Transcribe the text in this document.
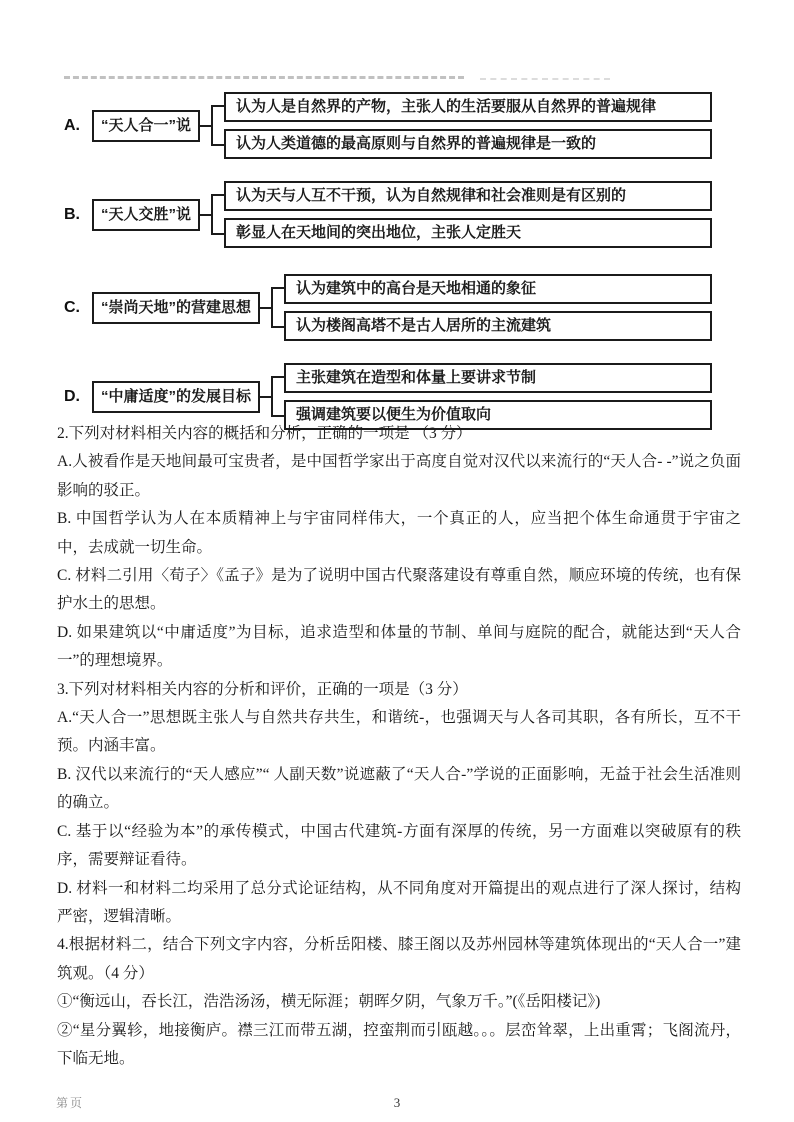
A.	“天人合一”说
认为人是自然界的产物，主张人的生活要服从自然界的普遍规律
认为人类道德的最高原则与自然界的普遍规律是一致的
B.	“天人交胜”说
认为天与人互不干预，认为自然规律和社会准则是有区别的
彰显人在天地间的突出地位，主张人定胜天
C.	“崇尚天地”的营建思想
认为建筑中的高台是天地相通的象征
认为楼阁高塔不是古人居所的主流建筑
D.	“中庸适度”的发展目标
主张建筑在造型和体量上要讲求节制
强调建筑要以便生为价值取向

2.下列对材料相关内容的概括和分析，正确的一项是 （3 分）

A.人被看作是天地间最可宝贵者，是中国哲学家出于高度自觉对汉代以来流行的“天人合- -”说之负面影响的驳正。

B. 中国哲学认为人在本质精神上与宇宙同样伟大，一个真正的人，应当把个体生命通贯于宇宙之中，去成就一切生命。

C. 材料二引用〈荀子〉《孟子》是为了说明中国古代聚落建设有尊重自然，顺应环境的传统，也有保护水土的思想。

D. 如果建筑以“中庸适度”为目标，追求造型和体量的节制、单间与庭院的配合，就能达到“天人合一”的理想境界。

3.下列对材料相关内容的分析和评价，正确的一项是（3 分）

A.“天人合一”思想既主张人与自然共存共生，和谐统-，也强调天与人各司其职，各有所长，互不干预。内涵丰富。

B. 汉代以来流行的“天人感应”“ 人副天数”说遮蔽了“天人合-”学说的正面影响，无益于社会生活准则的确立。

C. 基于以“经验为本”的承传模式，中国古代建筑-方面有深厚的传统，另一方面难以突破原有的秩序，需要辩证看待。

D. 材料一和材料二均采用了总分式论证结构，从不同角度对开篇提出的观点进行了深人探讨，结构严密，逻辑清晰。

4.根据材料二，结合下列文字内容，分析岳阳楼、膝王阁以及苏州园林等建筑体现出的“天人合一”建筑观。（4 分）

①“衡远山，吞长江，浩浩汤汤，横无际涯；朝晖夕阴，气象万千。”(《岳阳楼记》)

②“星分翼轸，地接衡庐。襟三江而带五湖，控蛮荆而引瓯越。。。层峦耸翠，上出重霄；飞阁流丹，下临无地。

第页	3
